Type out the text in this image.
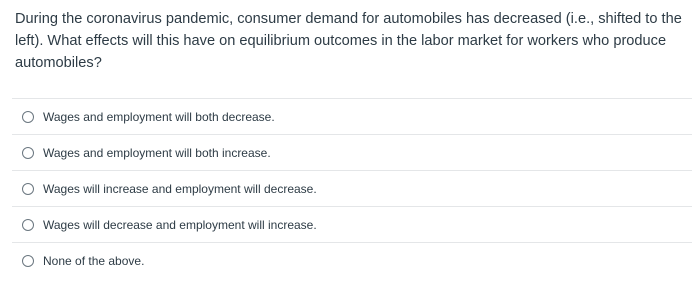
During the coronavirus pandemic, consumer demand for automobiles has decreased (i.e., shifted to the left). What effects will this have on equilibrium outcomes in the labor market for workers who produce automobiles?
Wages and employment will both decrease.
Wages and employment will both increase.
Wages will increase and employment will decrease.
Wages will decrease and employment will increase.
None of the above.
